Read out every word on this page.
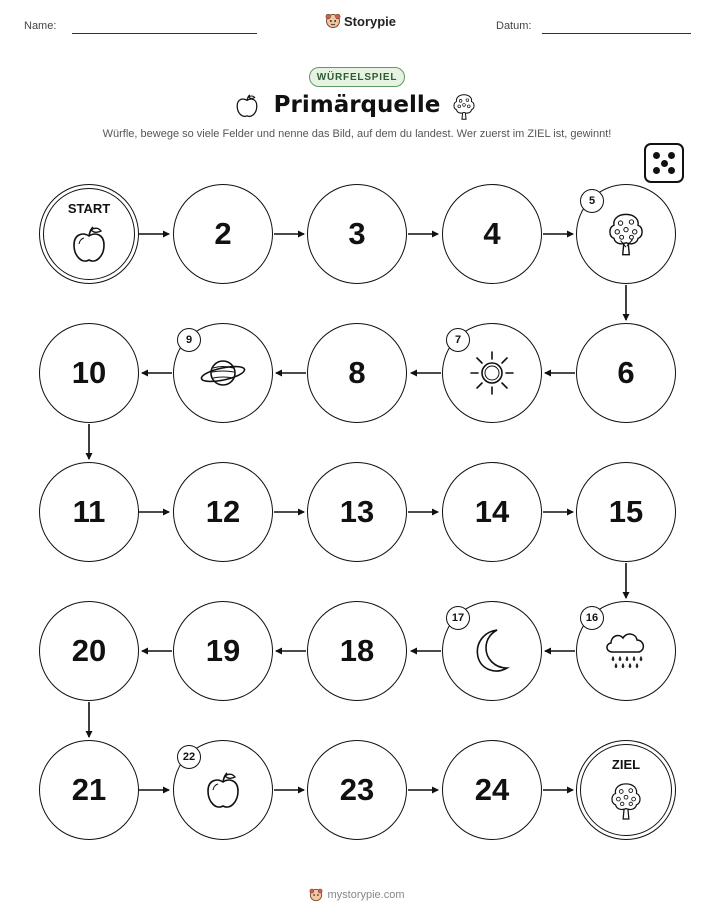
Name:	Storypie	Datum:
WÜRFELSPIEL
Primärquelle
Würfle, bewege so viele Felder und nenne das Bild, auf dem du landest. Wer zuerst im ZIEL ist, gewinnt!
START
2	3	4
5
10
9
8
7
6
11	12	13	14	15
20	19	18
17	16
21
22
23	24
ZIEL
mystorypie.com
